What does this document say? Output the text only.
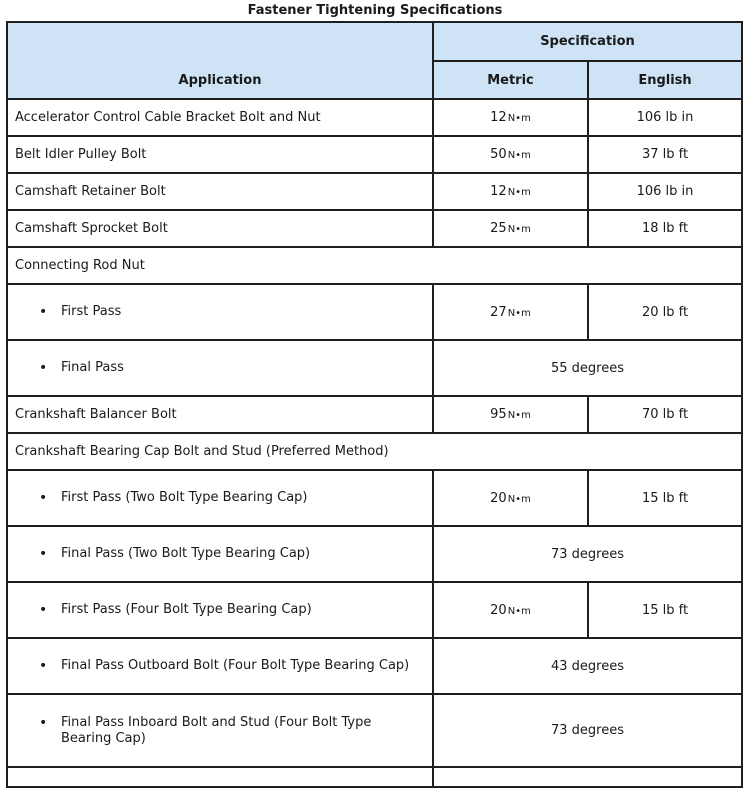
Fastener Tightening Specifications
Application	Specification	
	Metric	English
Accelerator Control Cable Bracket Bolt and Nut	12N•m	106 lb in
Belt Idler Pulley Bolt	50N•m	37 lb ft
Camshaft Retainer Bolt	12N•m	106 lb in
Camshaft Sprocket Bolt	25N•m	18 lb ft
Connecting Rod Nut		

• First Pass	27N•m	20 lb ft

• Final Pass	55 degrees	
Crankshaft Balancer Bolt	95N•m	70 lb ft
Crankshaft Bearing Cap Bolt and Stud (Preferred Method)		

• First Pass (Two Bolt Type Bearing Cap)	20N•m	15 lb ft

• Final Pass (Two Bolt Type Bearing Cap)	73 degrees	

• First Pass (Four Bolt Type Bearing Cap)	20N•m	15 lb ft

• Final Pass Outboard Bolt (Four Bolt Type Bearing Cap)	43 degrees	

• Final Pass Inboard Bolt and Stud (Four Bolt Type Bearing Cap)	73 degrees	
